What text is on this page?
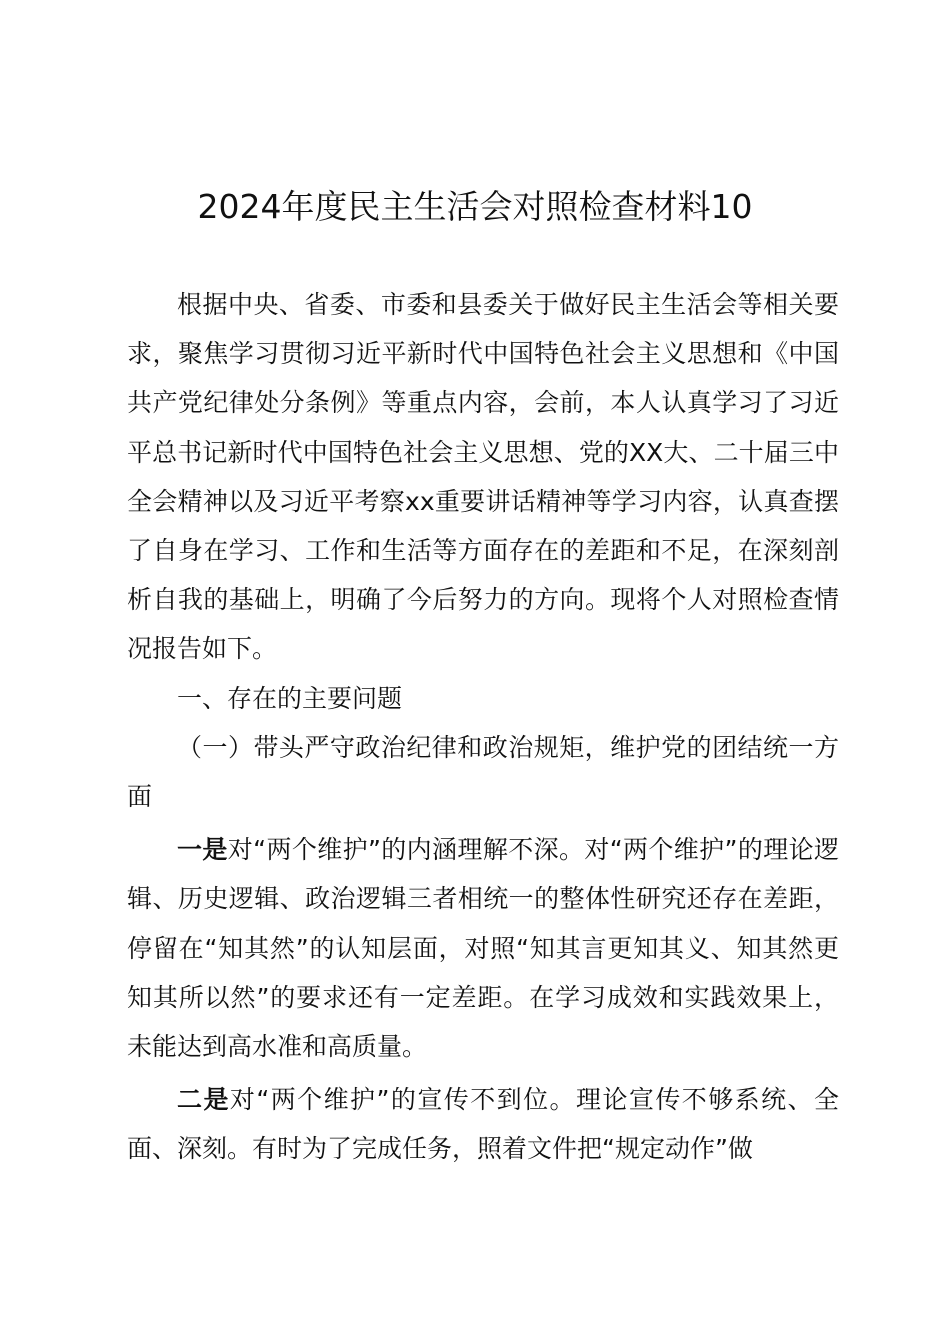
2024年度民主生活会对照检查材料10

根据中央、省委、市委和县委关于做好民主生活会等相关要求，聚焦学习贯彻习近平新时代中国特色社会主义思想和《中国共产党纪律处分条例》等重点内容，会前，本人认真学习了习近平总书记新时代中国特色社会主义思想、党的XX大、二十届三中全会精神以及习近平考察xx重要讲话精神等学习内容，认真查摆了自身在学习、工作和生活等方面存在的差距和不足，在深刻剖析自我的基础上，明确了今后努力的方向。现将个人对照检查情况报告如下。

一、存在的主要问题

（一）带头严守政治纪律和政治规矩，维护党的团结统一方面

一是对“两个维护”的内涵理解不深。对“两个维护”的理论逻辑、历史逻辑、政治逻辑三者相统一的整体性研究还存在差距，停留在“知其然”的认知层面，对照“知其言更知其义、知其然更知其所以然”的要求还有一定差距。在学习成效和实践效果上，未能达到高水准和高质量。

二是对“两个维护”的宣传不到位。理论宣传不够系统、全面、深刻。有时为了完成任务，照着文件把“规定动作”做
